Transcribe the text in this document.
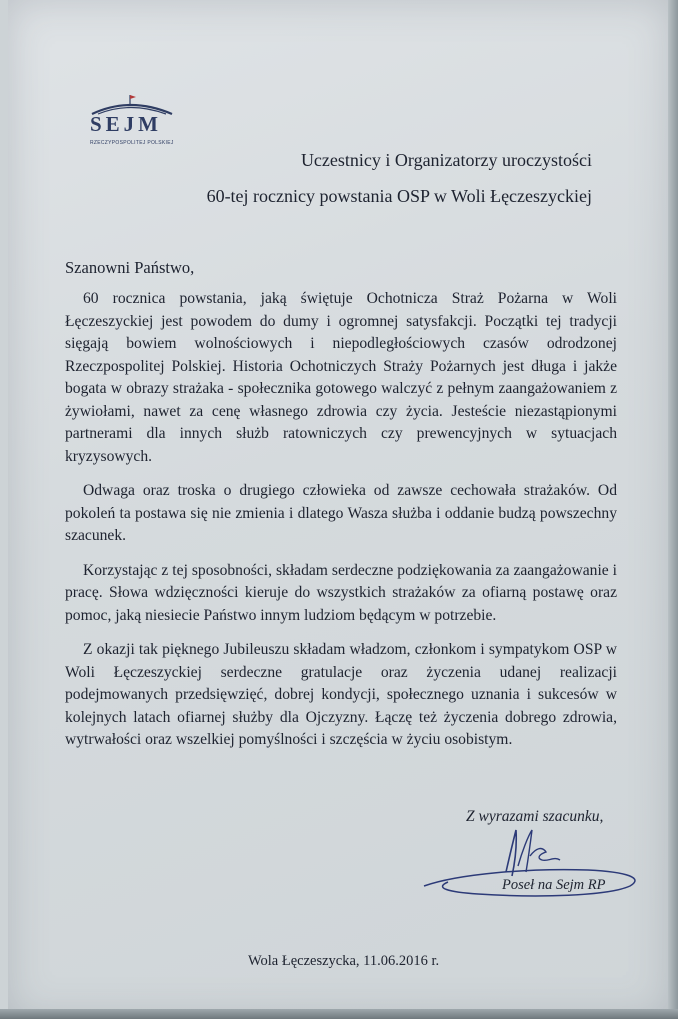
SEJM
RZECZYPOSPOLITEJ POLSKIEJ
Uczestnicy i Organizatorzy uroczystości
60-tej rocznicy powstania OSP w Woli Łęczeszyckiej
Szanowni Państwo,

60 rocznica powstania, jaką świętuje Ochotnicza Straż Pożarna w Woli Łęczeszyckiej jest powodem do dumy i ogromnej satysfakcji. Początki tej tradycji sięgają bowiem wolnościowych i niepodległościowych czasów odrodzonej Rzeczpospolitej Polskiej. Historia Ochotniczych Straży Pożarnych jest długa i jakże bogata w obrazy strażaka - społecznika gotowego walczyć z pełnym zaangażowaniem z żywiołami, nawet za cenę własnego zdrowia czy życia. Jesteście niezastąpionymi partnerami dla innych służb ratowniczych czy prewencyjnych w sytuacjach kryzysowych.

Odwaga oraz troska o drugiego człowieka od zawsze cechowała strażaków. Od pokoleń ta postawa się nie zmienia i dlatego Wasza służba i oddanie budzą powszechny szacunek.

Korzystając z tej sposobności, składam serdeczne podziękowania za zaangażowanie i pracę. Słowa wdzięczności kieruje do wszystkich strażaków za ofiarną postawę oraz pomoc, jaką niesiecie Państwo innym ludziom będącym w potrzebie.

Z okazji tak pięknego Jubileuszu składam władzom, członkom i sympatykom OSP w Woli Łęczeszyckiej serdeczne gratulacje oraz życzenia udanej realizacji podejmowanych przedsięwzięć, dobrej kondycji, społecznego uznania i sukcesów w kolejnych latach ofiarnej służby dla Ojczyzny. Łączę też życzenia dobrego zdrowia, wytrwałości oraz wszelkiej pomyślności i szczęścia w życiu osobistym.

Z wyrazami szacunku,
Poseł na Sejm RP
Wola Łęczeszycka, 11.06.2016 r.
